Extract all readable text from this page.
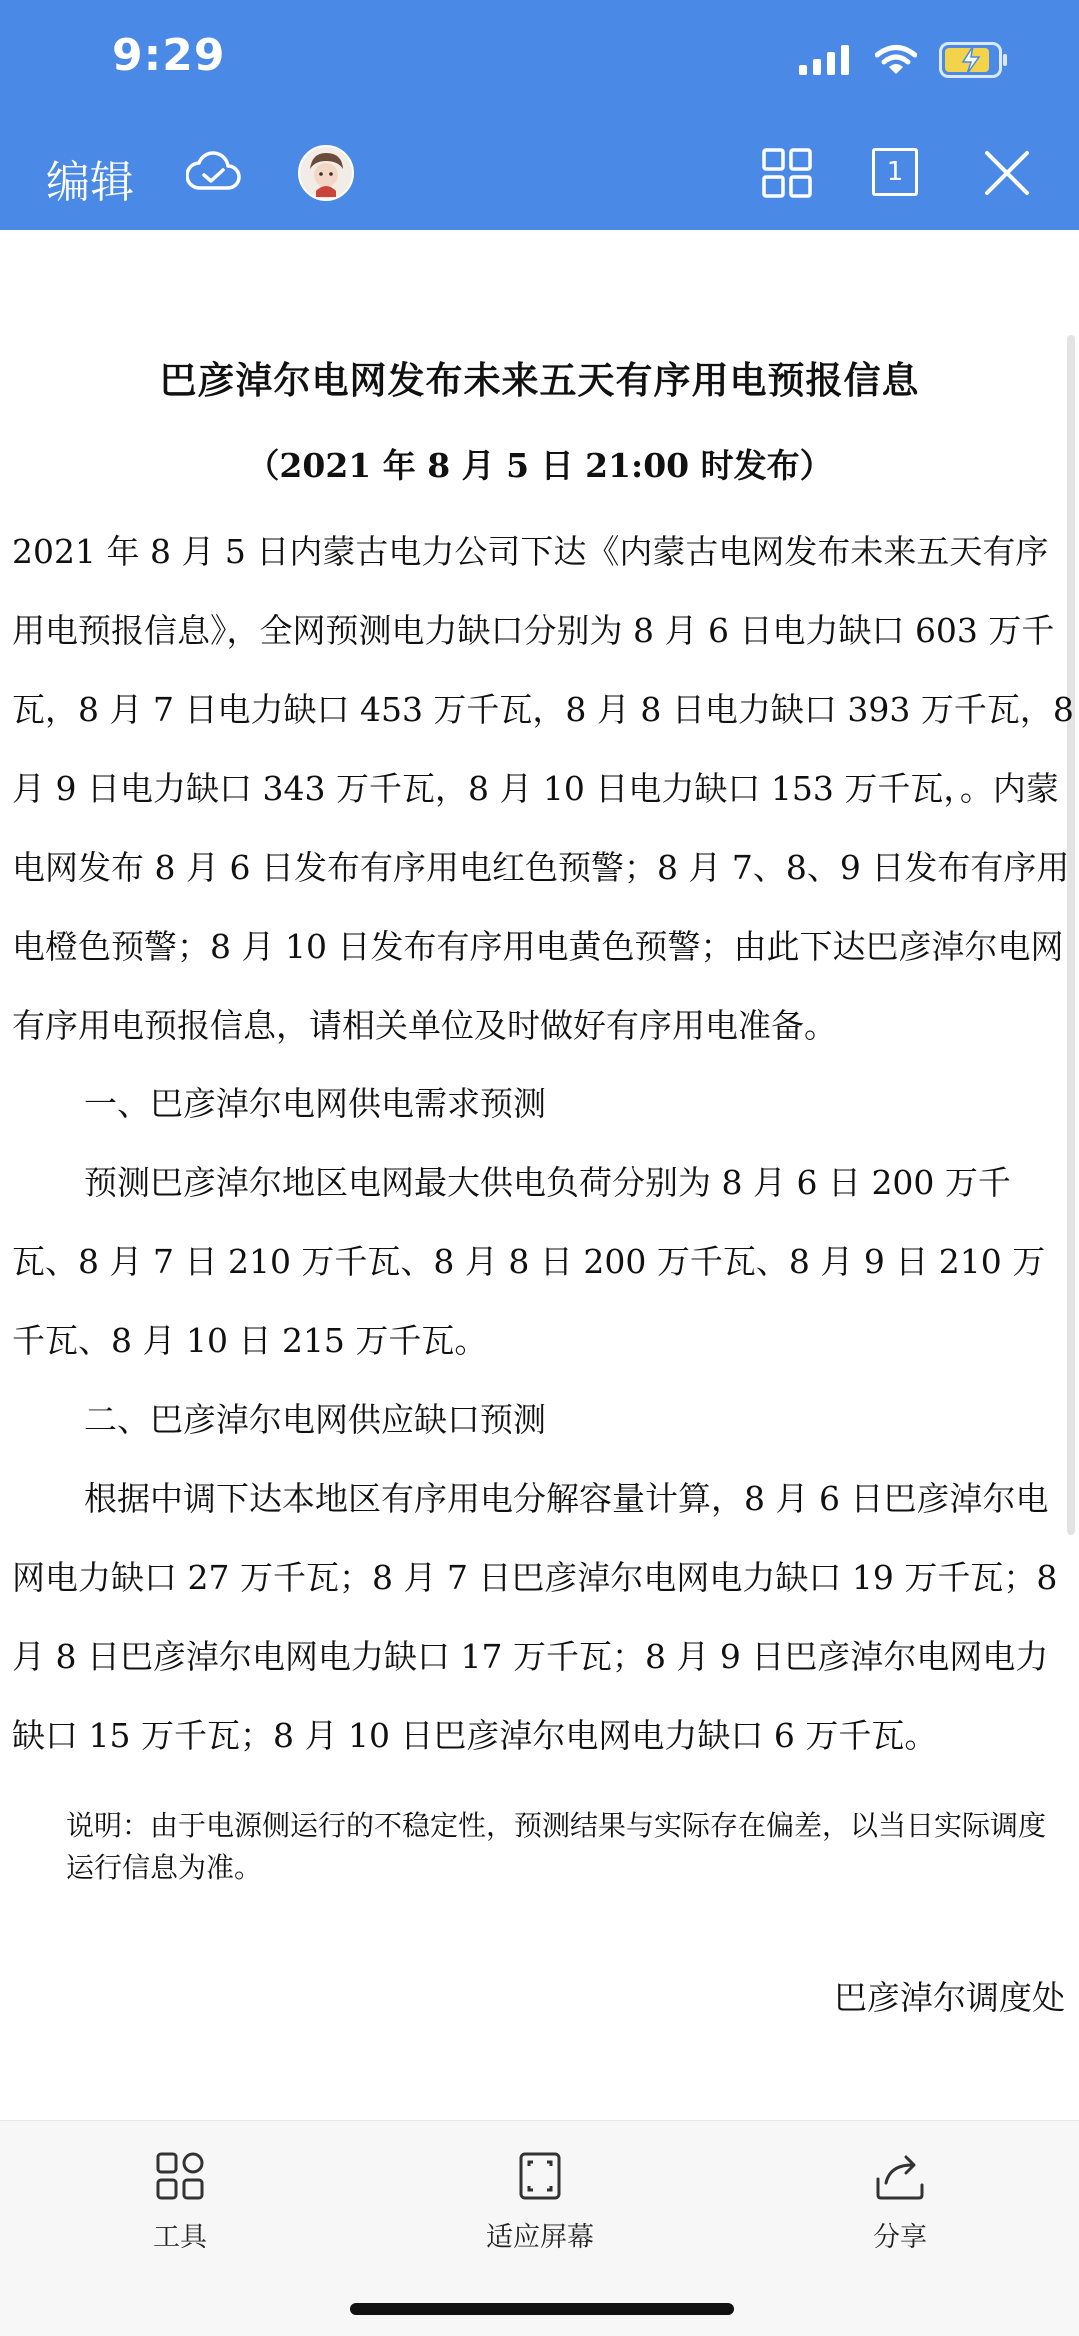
9:29
编辑	1
巴彦淖尔电网发布未来五天有序用电预报信息
（2021 年 8 月 5 日 21:00 时发布）

2021 年 8 月 5 日内蒙古电力公司下达《内蒙古电网发布未来五天有序用电预报信息》，全网预测电力缺口分别为 8 月 6 日电力缺口 603 万千瓦，8 月 7 日电力缺口 453 万千瓦，8 月 8 日电力缺口 393 万千瓦，8 月 9 日电力缺口 343 万千瓦，8 月 10 日电力缺口 153 万千瓦，。内蒙电网发布 8 月 6 日发布有序用电红色预警；8 月 7、8、9 日发布有序用电橙色预警；8 月 10 日发布有序用电黄色预警；由此下达巴彦淖尔电网有序用电预报信息，请相关单位及时做好有序用电准备。

一、巴彦淖尔电网供电需求预测

预测巴彦淖尔地区电网最大供电负荷分别为 8 月 6 日 200 万千瓦、8 月 7 日 210 万千瓦、8 月 8 日 200 万千瓦、8 月 9 日 210 万千瓦、8 月 10 日 215 万千瓦。

二、巴彦淖尔电网供应缺口预测

根据中调下达本地区有序用电分解容量计算，8 月 6 日巴彦淖尔电网电力缺口 27 万千瓦；8 月 7 日巴彦淖尔电网电力缺口 19 万千瓦；8 月 8 日巴彦淖尔电网电力缺口 17 万千瓦；8 月 9 日巴彦淖尔电网电力缺口 15 万千瓦；8 月 10 日巴彦淖尔电网电力缺口 6 万千瓦。

说明：由于电源侧运行的不稳定性，预测结果与实际存在偏差，以当日实际调度运行信息为准。
巴彦淖尔调度处
工具	适应屏幕	分享
